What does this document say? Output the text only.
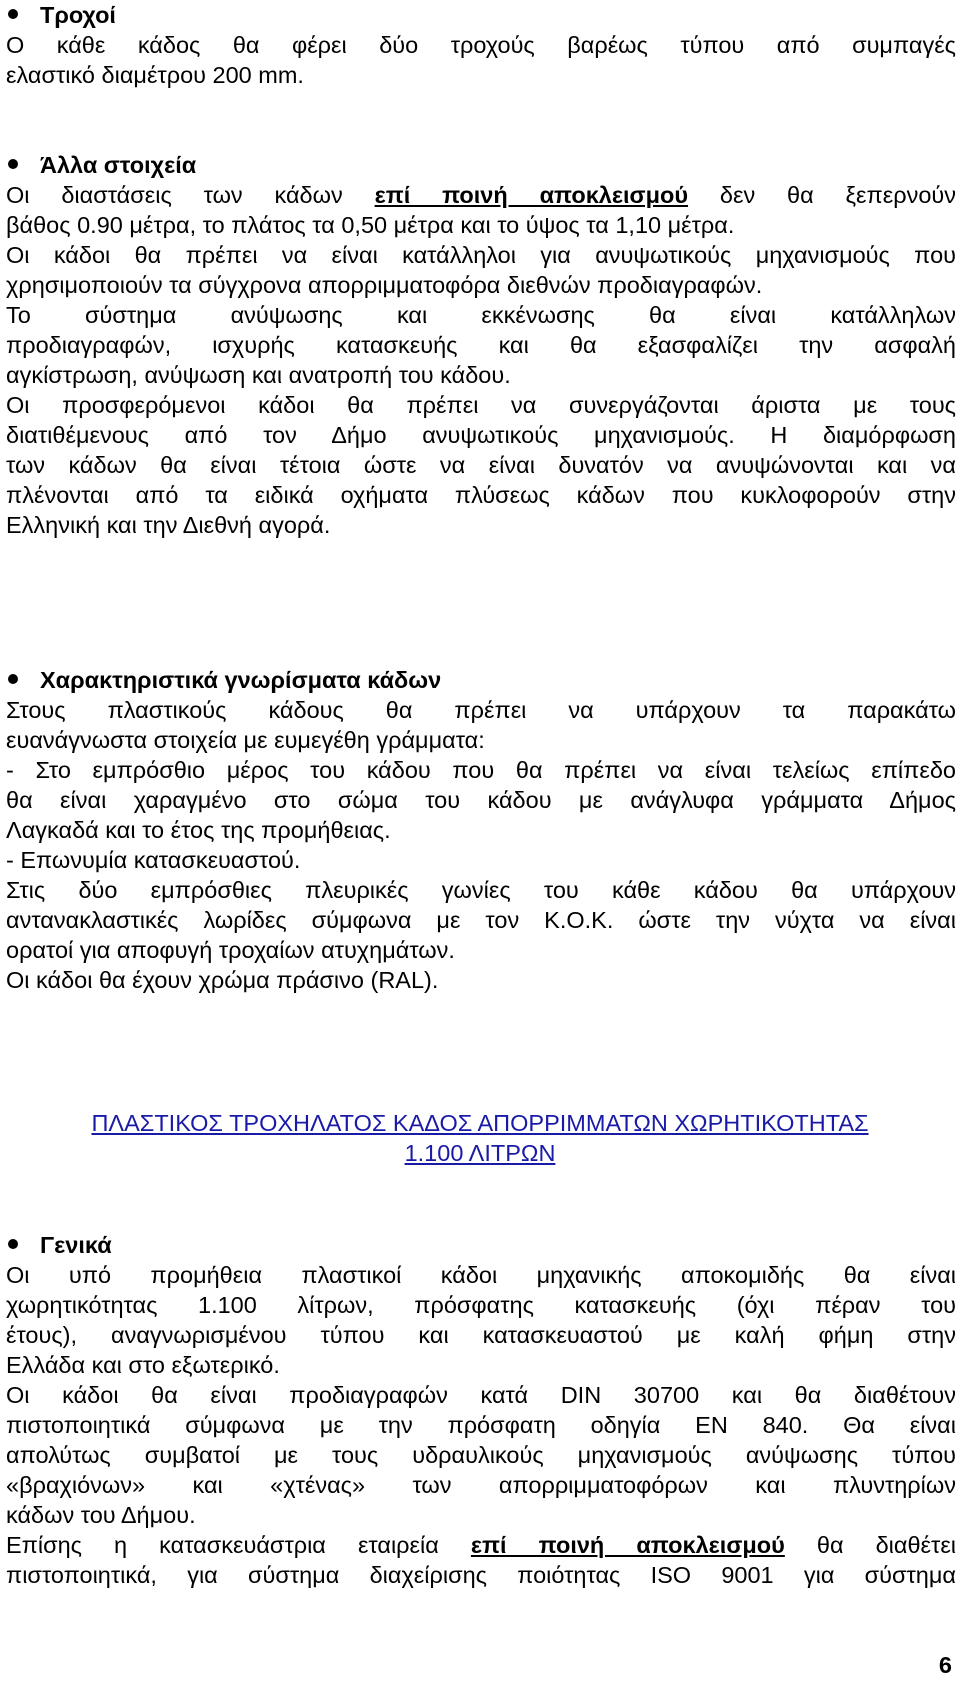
Τροχοί
Ο κάθε κάδος θα φέρει δύο τροχούς βαρέως τύπου από συμπαγές
ελαστικό διαμέτρου 200 mm.
Άλλα στοιχεία
Οι διαστάσεις των κάδων επί ποινή αποκλεισμού δεν θα ξεπερνούν
βάθος 0.90 μέτρα, το πλάτος τα 0,50 μέτρα και το ύψος τα 1,10 μέτρα.
Οι κάδοι θα πρέπει να είναι κατάλληλοι για ανυψωτικούς μηχανισμούς που
χρησιμοποιούν τα σύγχρονα απορριμματοφόρα διεθνών προδιαγραφών.
Το σύστημα ανύψωσης και εκκένωσης θα είναι κατάλληλων
προδιαγραφών, ισχυρής κατασκευής και θα εξασφαλίζει την ασφαλή
αγκίστρωση, ανύψωση και ανατροπή του κάδου.
Οι προσφερόμενοι κάδοι θα πρέπει να συνεργάζονται άριστα με τους
διατιθέμενους από τον Δήμο ανυψωτικούς μηχανισμούς. Η διαμόρφωση
των κάδων θα είναι τέτοια ώστε να είναι δυνατόν να ανυψώνονται και να
πλένονται από τα ειδικά οχήματα πλύσεως κάδων που κυκλοφορούν στην
Ελληνική και την Διεθνή αγορά.
Χαρακτηριστικά γνωρίσματα κάδων
Στους πλαστικούς κάδους θα πρέπει να υπάρχουν τα παρακάτω
ευανάγνωστα στοιχεία με ευμεγέθη γράμματα:
- Στο εμπρόσθιο μέρος του κάδου που θα πρέπει να είναι τελείως επίπεδο
θα είναι χαραγμένο στο σώμα του κάδου με ανάγλυφα γράμματα Δήμος
Λαγκαδά και το έτος της προμήθειας.
- Επωνυμία κατασκευαστού.
Στις δύο εμπρόσθιες πλευρικές γωνίες του κάθε κάδου θα υπάρχουν
αντανακλαστικές λωρίδες σύμφωνα με τον Κ.Ο.Κ. ώστε την νύχτα να είναι
ορατοί για αποφυγή τροχαίων ατυχημάτων.
Οι κάδοι θα έχουν χρώμα πράσινο (RAL).
ΠΛΑΣΤΙΚΟΣ ΤΡΟΧΗΛΑΤΟΣ ΚΑΔΟΣ ΑΠΟΡΡΙΜΜΑΤΩΝ ΧΩΡΗΤΙΚΟΤΗΤΑΣ
1.100 ΛΙΤΡΩΝ
Γενικά
Οι υπό προμήθεια πλαστικοί κάδοι μηχανικής αποκομιδής θα είναι
χωρητικότητας 1.100 λίτρων, πρόσφατης κατασκευής (όχι πέραν του
έτους), αναγνωρισμένου τύπου και κατασκευαστού με καλή φήμη στην
Ελλάδα και στο εξωτερικό.
Οι κάδοι θα είναι προδιαγραφών κατά DIN 30700 και θα διαθέτουν
πιστοποιητικά σύμφωνα με την πρόσφατη οδηγία ΕΝ 840. Θα είναι
απολύτως συμβατοί με τους υδραυλικούς μηχανισμούς ανύψωσης τύπου
«βραχιόνων» και «χτένας» των απορριμματοφόρων και πλυντηρίων
κάδων του Δήμου.
Επίσης η κατασκευάστρια εταιρεία επί ποινή αποκλεισμού θα διαθέτει
πιστοποιητικά, για σύστημα διαχείρισης ποιότητας ISO 9001 για σύστημα
6
